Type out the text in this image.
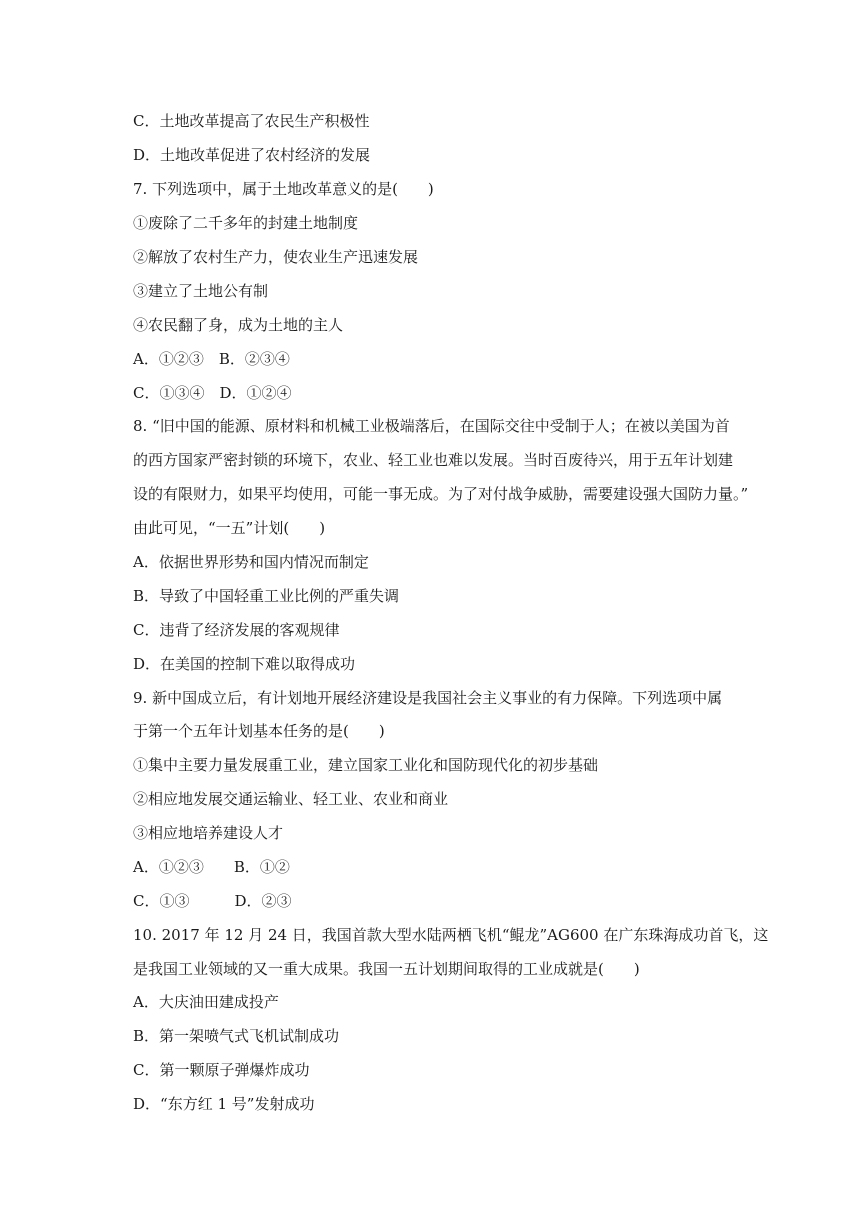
C．土地改革提高了农民生产积极性
D．土地改革促进了农村经济的发展
7. 下列选项中，属于土地改革意义的是(　　)
①废除了二千多年的封建土地制度
②解放了农村生产力，使农业生产迅速发展
③建立了土地公有制
④农民翻了身，成为土地的主人
A．①②③　B．②③④
C．①③④　D．①②④
8. “旧中国的能源、原材料和机械工业极端落后，在国际交往中受制于人；在被以美国为首
的西方国家严密封锁的环境下，农业、轻工业也难以发展。当时百废待兴，用于五年计划建
设的有限财力，如果平均使用，可能一事无成。为了对付战争威胁，需要建设强大国防力量。”
由此可见，“一五”计划(　　)
A．依据世界形势和国内情况而制定
B．导致了中国轻重工业比例的严重失调
C．违背了经济发展的客观规律
D．在美国的控制下难以取得成功
9. 新中国成立后，有计划地开展经济建设是我国社会主义事业的有力保障。下列选项中属
于第一个五年计划基本任务的是(　　)
①集中主要力量发展重工业，建立国家工业化和国防现代化的初步基础
②相应地发展交通运输业、轻工业、农业和商业
③相应地培养建设人才
A．①②③　　B．①②
C．①③　　　D．②③
10. 2017 年 12 月 24 日，我国首款大型水陆两栖飞机“鲲龙”AG600 在广东珠海成功首飞，这
是我国工业领域的又一重大成果。我国一五计划期间取得的工业成就是(　　)
A．大庆油田建成投产
B．第一架喷气式飞机试制成功
C．第一颗原子弹爆炸成功
D．“东方红 1 号”发射成功
